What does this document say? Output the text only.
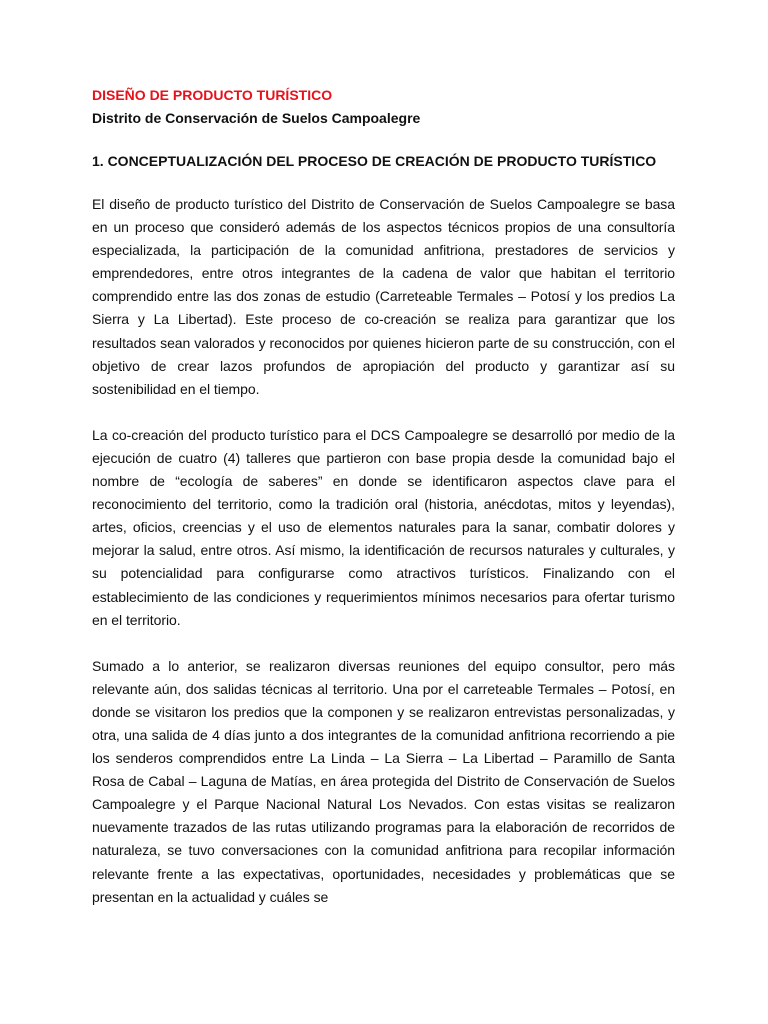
DISEÑO DE PRODUCTO TURÍSTICO

Distrito de Conservación de Suelos Campoalegre

1. CONCEPTUALIZACIÓN DEL PROCESO DE CREACIÓN DE PRODUCTO TURÍSTICO

El diseño de producto turístico del Distrito de Conservación de Suelos Campoalegre se basa en un proceso que consideró además de los aspectos técnicos propios de una consultoría especializada, la participación de la comunidad anfitriona, prestadores de servicios y emprendedores, entre otros integrantes de la cadena de valor que habitan el territorio comprendido entre las dos zonas de estudio (Carreteable Termales – Potosí y los predios La Sierra y La Libertad). Este proceso de co-creación se realiza para garantizar que los resultados sean valorados y reconocidos por quienes hicieron parte de su construcción, con el objetivo de crear lazos profundos de apropiación del producto y garantizar así su sostenibilidad en el tiempo.

La co-creación del producto turístico para el DCS Campoalegre se desarrolló por medio de la ejecución de cuatro (4) talleres que partieron con base propia desde la comunidad bajo el nombre de “ecología de saberes” en donde se identificaron aspectos clave para el reconocimiento del territorio, como la tradición oral (historia, anécdotas, mitos y leyendas), artes, oficios, creencias y el uso de elementos naturales para la sanar, combatir dolores y mejorar la salud, entre otros. Así mismo, la identificación de recursos naturales y culturales, y su potencialidad para configurarse como atractivos turísticos. Finalizando con el establecimiento de las condiciones y requerimientos mínimos necesarios para ofertar turismo en el territorio.

Sumado a lo anterior, se realizaron diversas reuniones del equipo consultor, pero más relevante aún, dos salidas técnicas al territorio. Una por el carreteable Termales – Potosí, en donde se visitaron los predios que la componen y se realizaron entrevistas personalizadas, y otra, una salida de 4 días junto a dos integrantes de la comunidad anfitriona recorriendo a pie los senderos comprendidos entre La Linda – La Sierra – La Libertad – Paramillo de Santa Rosa de Cabal – Laguna de Matías, en área protegida del Distrito de Conservación de Suelos Campoalegre y el Parque Nacional Natural Los Nevados. Con estas visitas se realizaron nuevamente trazados de las rutas utilizando programas para la elaboración de recorridos de naturaleza, se tuvo conversaciones con la comunidad anfitriona para recopilar información relevante frente a las expectativas, oportunidades, necesidades y problemáticas que se presentan en la actualidad y cuáles se
